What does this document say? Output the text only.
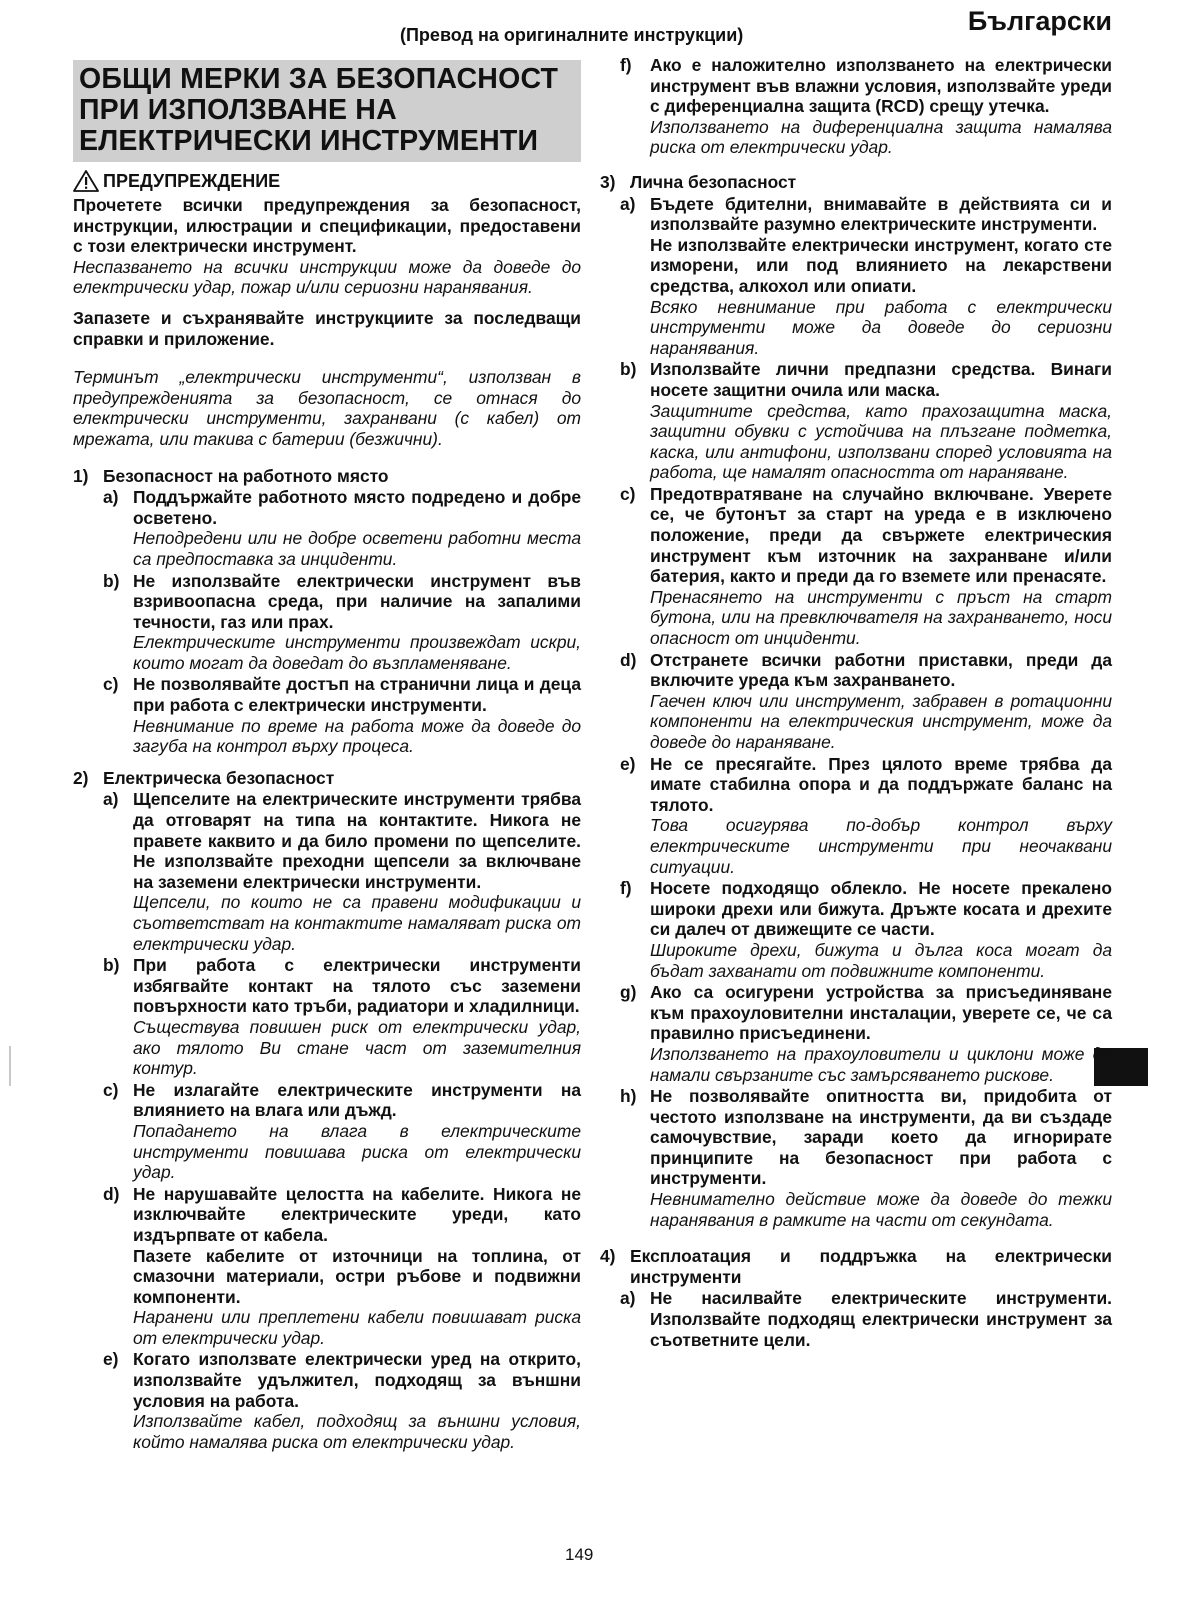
Български
(Превод на оригиналните инструкции)
ОБЩИ МЕРКИ ЗА БЕЗОПАСНОСТ ПРИ ИЗПОЛЗВАНЕ НА ЕЛЕКТРИЧЕСКИ ИНСТРУМЕНТИ
ПРЕДУПРЕЖДЕНИЕ

Прочетете всички предупреждения за безопасност, инструкции, илюстрации и спецификации, предоставени с този електрически инструмент.

Неспазването на всички инструкции може да доведе до електрически удар, пожар и/или сериозни наранявания.

Запазете и съхранявайте инструкциите за последващи справки и приложение.

Терминът „електрически инструменти“, използван в предупрежденията за безопасност, се отнася до електрически инструменти, захранвани (с кабел) от мрежата, или такива с батерии (безжични).

1) Безопасност на работното място
a) Поддържайте работното място подредено и добре осветено.

Неподредени или не добре осветени работни места са предпоставка за инциденти.

b) Не използвайте електрически инструмент във взривоопасна среда, при наличие на запалими течности, газ или прах.

Електрическите инструменти произвеждат искри, които могат да доведат до възпламеняване.

c) Не позволявайте достъп на странични лица и деца при работа с електрически инструменти.

Невнимание по време на работа може да доведе до загуба на контрол върху процеса.

2) Електрическа безопасност
a) Щепселите на електрическите инструменти трябва да отговарят на типа на контактите. Никога не правете каквито и да било промени по щепселите. Не използвайте преходни щепсели за включване на заземени електрически инструменти.

Щепсели, по които не са правени модификации и съответстват на контактите намаляват риска от електрически удар.

b) При работа с електрически инструменти избягвайте контакт на тялото със заземени повърхности като тръби, радиатори и хладилници.

Съществува повишен риск от електрически удар, ако тялото Ви стане част от заземителния контур.

c) Не излагайте електрическите инструменти на влиянието на влага или дъжд.

Попадането на влага в електрическите инструменти повишава риска от електрически удар.

d) Не нарушавайте целостта на кабелите. Никога не изключвайте електрическите уреди, като издърпвате от кабела.

Пазете кабелите от източници на топлина, от смазочни материали, остри ръбове и подвижни компоненти.

Наранени или преплетени кабели повишават риска от електрически удар.

e) Когато използвате електрически уред на открито, използвайте удължител, подходящ за външни условия на работа.

Използвайте кабел, подходящ за външни условия, който намалява риска от електрически удар.

f)	Ако е наложително използването на електрически инструмент във влажни условия, използвайте уреди с диференциална защита (RCD) срещу утечка.

Използването на диференциална защита намалява риска от електрически удар.

3) Лична безопасност
a) Бъдете бдителни, внимавайте в действията си и използвайте разумно електрическите инструменти.

Не използвайте електрически инструмент, когато сте изморени, или под влиянието на лекарствени средства, алкохол или опиати.

Всяко невнимание при работа с електрически инструменти може да доведе до сериозни наранявания.

b) Използвайте лични предпазни средства. Винаги носете защитни очила или маска.

Защитните средства, като прахозащитна маска, защитни обувки с устойчива на плъзгане подметка, каска, или антифони, използвани според условията на работа, ще намалят опасността от нараняване.

c) Предотвратяване на случайно включване. Уверете се, че бутонът за старт на уреда е в изключено положение, преди да свържете електрическия инструмент към източник на захранване и/или батерия, както и преди да го вземете или пренасяте.

Пренасянето на инструменти с пръст на старт бутона, или на превключвателя на захранването, носи опасност от инциденти.

d) Отстранете всички работни приставки, преди да включите уреда към захранването.

Гаечен ключ или инструмент, забравен в ротационни компоненти на електрическия инструмент, може да доведе до нараняване.

e) Не се пресягайте. През цялото време трябва да имате стабилна опора и да поддържате баланс на тялото.

Това осигурява по-добър контрол върху електрическите инструменти при неочаквани ситуации.

f)	Носете подходящо облекло. Не носете прекалено широки дрехи или бижута. Дръжте косата и дрехите си далеч от движещите се части.

Широките дрехи, бижута и дълга коса могат да бъдат захванати от подвижните компоненти.

g) Ако са осигурени устройства за присъединяване към прахоуловителни инсталации, уверете се, че са правилно присъединени.

Използването на прахоуловители и циклони може да намали свързаните със замърсяването рискове.

h) Не позволявайте опитността ви, придобита от честото използване на инструменти, да ви създаде самочувствие, заради което да игнорирате принципите на безопасност при работа с инструменти.

Невнимателно действие може да доведе до тежки наранявания в рамките на части от секундата.

4) Експлоатация и поддръжка на електрически инструменти
a) Не насилвайте електрическите инструменти. Използвайте подходящ електрически инструмент за съответните цели.

149
